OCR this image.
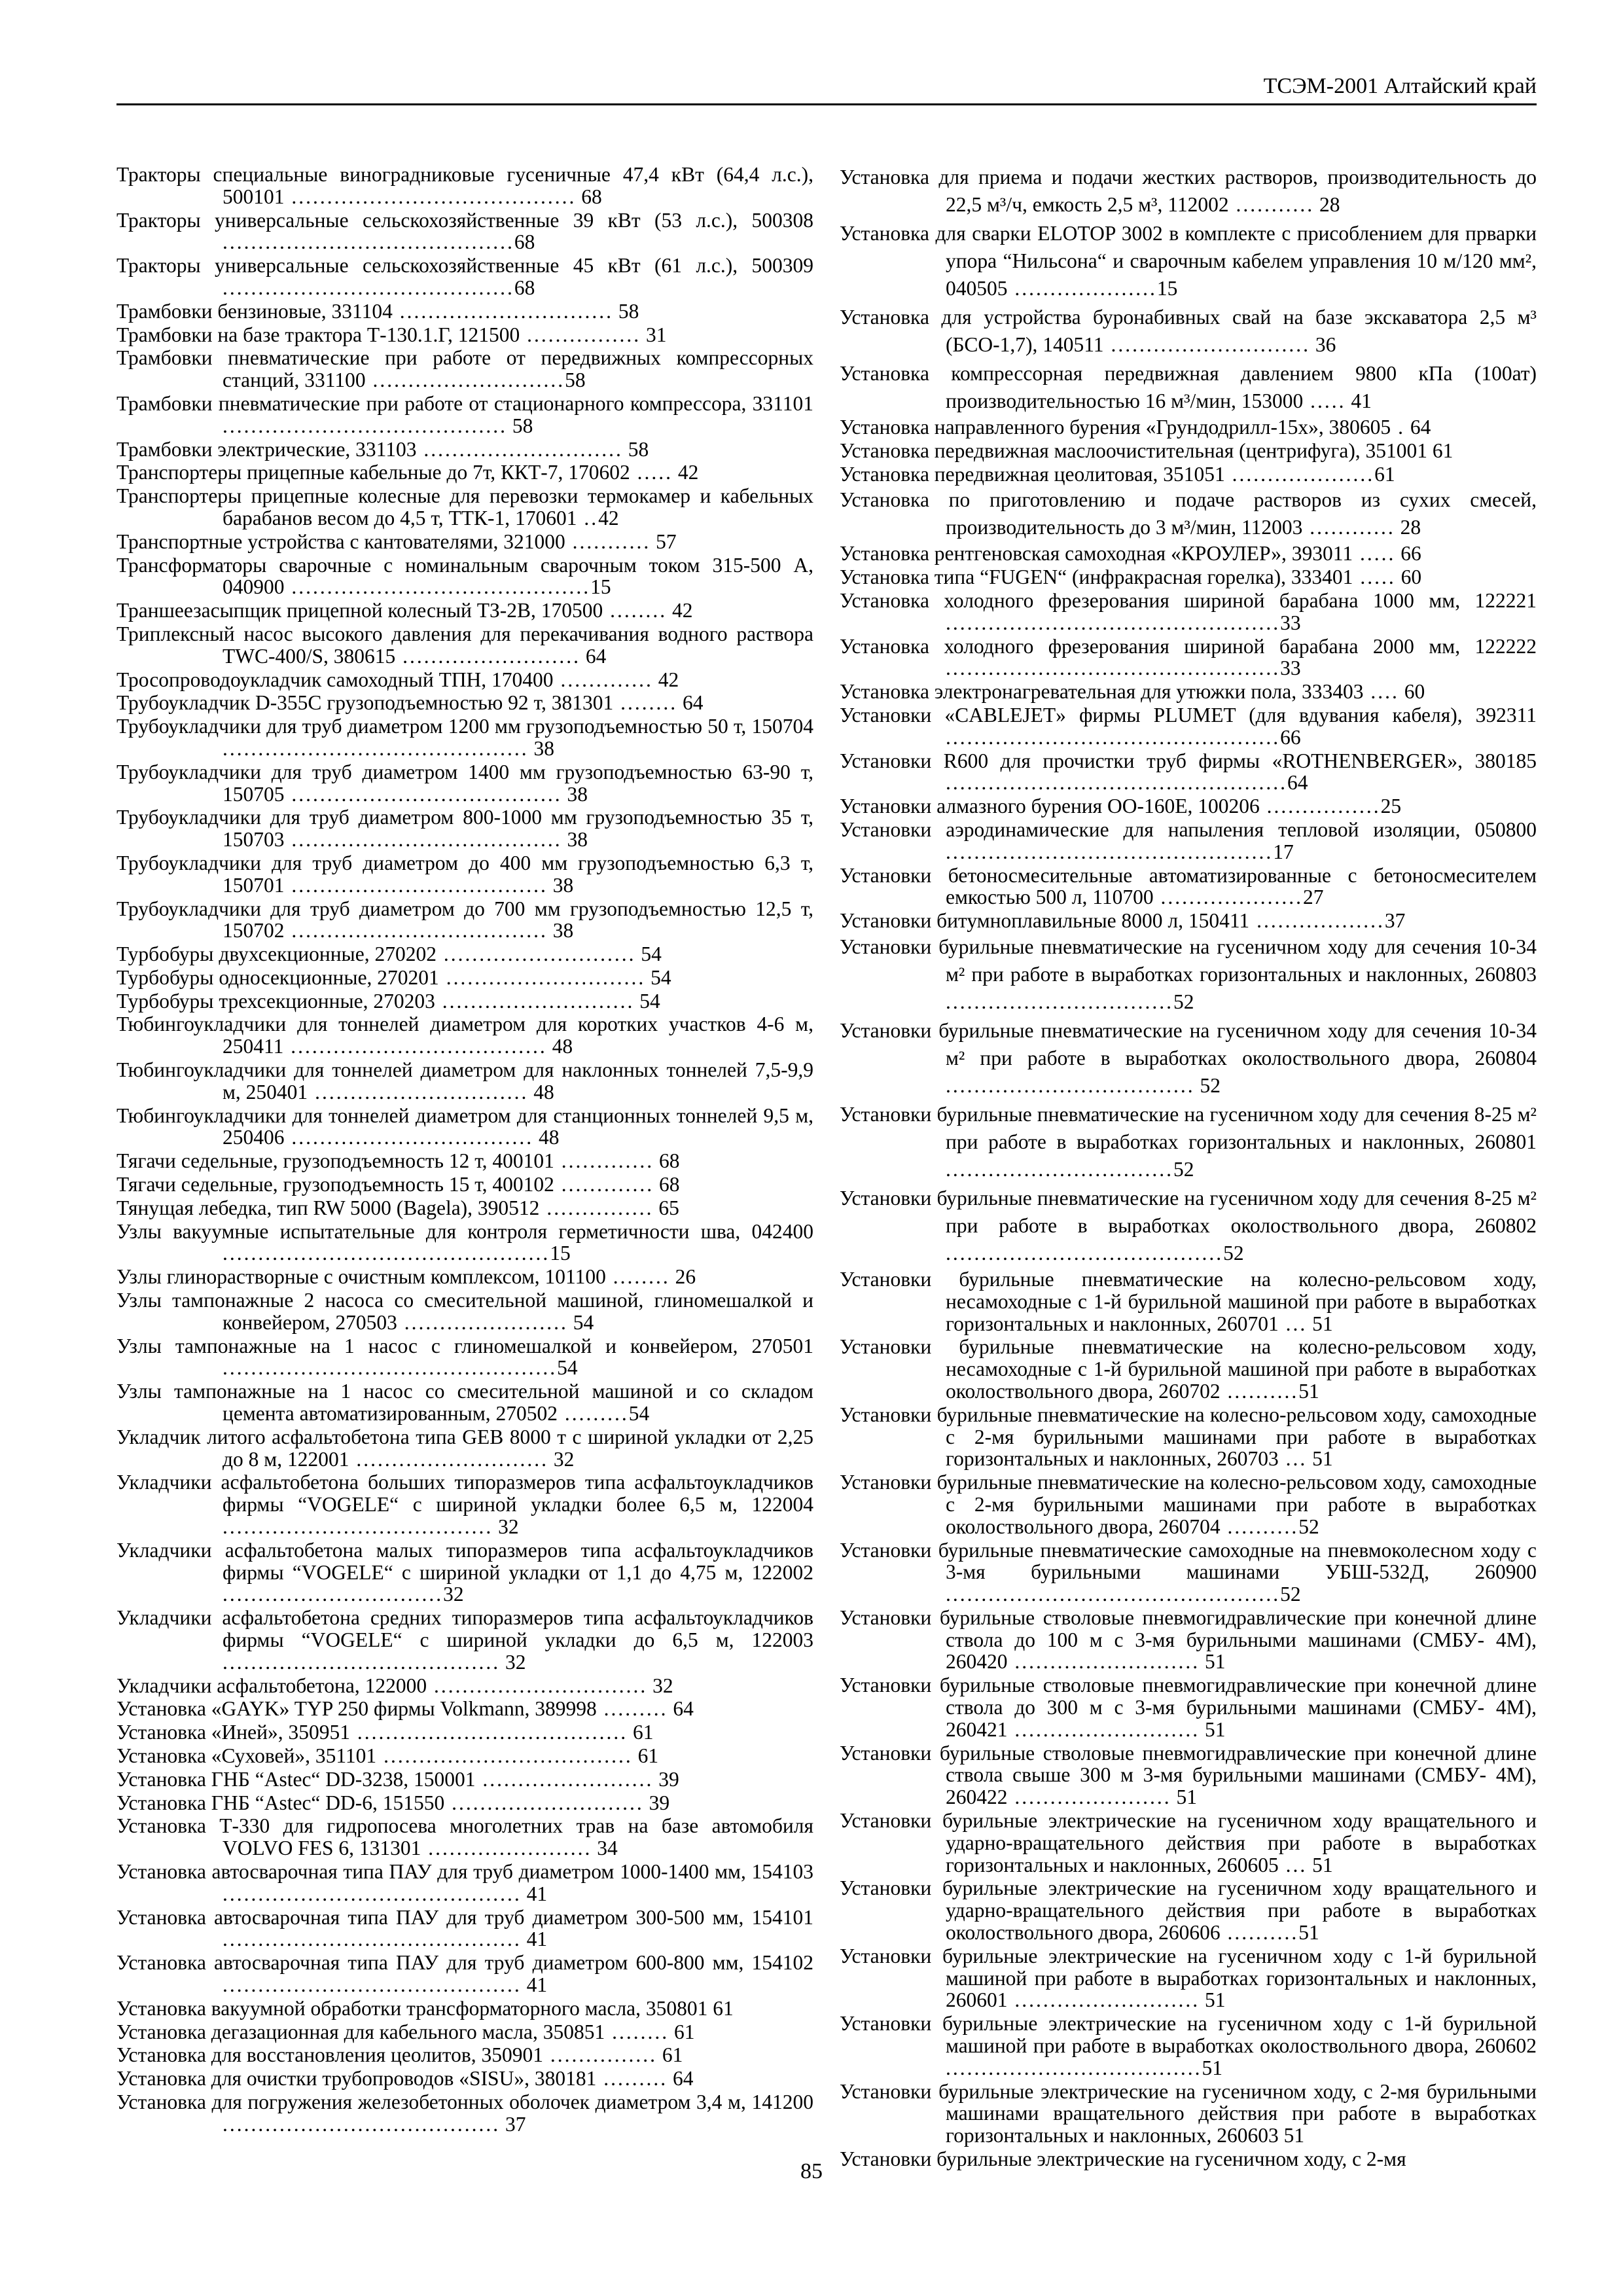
ТСЭМ-2001 Алтайский край

Тракторы специальные виноградниковые гусеничные 47,4 кВт (64,4 л.с.), 500101 ........................................ 68

Тракторы универсальные сельскохозяйственные 39 кВт (53 л.с.), 500308 .........................................68

Тракторы универсальные сельскохозяйственные 45 кВт (61 л.с.), 500309 .........................................68

Трамбовки бензиновые, 331104 .............................. 58

Трамбовки на базе трактора Т-130.1.Г, 121500 ................ 31

Трамбовки пневматические при работе от передвижных компрессорных станций, 331100 ...........................58

Трамбовки пневматические при работе от стационарного компрессора, 331101 ........................................ 58

Трамбовки электрические, 331103 ............................ 58

Транспортеры прицепные кабельные до 7т, ККТ-7, 170602 ..... 42

Транспортеры прицепные колесные для перевозки термокамер и кабельных барабанов весом до 4,5 т, ТТК-1, 170601 ..42

Транспортные устройства с кантователями, 321000 ........... 57

Трансформаторы сварочные с номинальным сварочным током 315-500 А, 040900 ..........................................15

Траншеезасыпщик прицепной колесный ТЗ-2В, 170500 ........ 42

Триплексный насос высокого давления для перекачивания водного раствора TWC-400/S, 380615 ......................... 64

Тросопроводоукладчик самоходный ТПН, 170400 ............. 42

Трубоукладчик D-355C грузоподъемностью 92 т, 381301 ........ 64

Трубоукладчики для труб диаметром 1200 мм грузоподъемностью 50 т, 150704 ........................................... 38

Трубоукладчики для труб диаметром 1400 мм грузоподъемностью 63-90 т, 150705 ...................................... 38

Трубоукладчики для труб диаметром 800-1000 мм грузоподъемностью 35 т, 150703 ...................................... 38

Трубоукладчики для труб диаметром до 400 мм грузоподъемностью 6,3 т, 150701 .................................... 38

Трубоукладчики для труб диаметром до 700 мм грузоподъемностью 12,5 т, 150702 .................................... 38

Турбобуры двухсекционные, 270202 ........................... 54

Турбобуры односекционные, 270201 ............................ 54

Турбобуры трехсекционные, 270203 ........................... 54

Тюбингоукладчики для тоннелей диаметром для коротких участков 4-6 м, 250411 .................................... 48

Тюбингоукладчики для тоннелей диаметром для наклонных тоннелей 7,5-9,9 м, 250401 .............................. 48

Тюбингоукладчики для тоннелей диаметром для станционных тоннелей 9,5 м, 250406 .................................. 48

Тягачи седельные, грузоподъемность 12 т, 400101 ............. 68

Тягачи седельные, грузоподъемность 15 т, 400102 ............. 68

Тянущая лебедка, тип RW 5000 (Bagela), 390512 ............... 65

Узлы вакуумные испытательные для контроля герметичности шва, 042400 ..............................................15

Узлы глинорастворные с очистным комплексом, 101100 ........ 26

Узлы тампонажные 2 насоса со смесительной машиной, глиномешалкой и конвейером, 270503 ....................... 54

Узлы тампонажные на 1 насос с глиномешалкой и конвейером, 270501 ...............................................54

Узлы тампонажные на 1 насос со смесительной машиной и со складом цемента автоматизированным, 270502 .........54

Укладчик литого асфальтобетона типа GEB 8000 т с шириной укладки от 2,25 до 8 м, 122001 ........................... 32

Укладчики асфальтобетона больших типоразмеров типа асфальтоукладчиков фирмы “VOGELE“ с шириной укладки более 6,5 м, 122004 ...................................... 32

Укладчики асфальтобетона малых типоразмеров типа асфальтоукладчиков фирмы “VOGELE“ с шириной укладки от 1,1 до 4,75 м, 122002 ...............................32

Укладчики асфальтобетона средних типоразмеров типа асфальтоукладчиков фирмы “VOGELE“ с шириной укладки до 6,5 м, 122003 ....................................... 32

Укладчики асфальтобетона, 122000 .............................. 32

Установка «GAYK» TYP 250 фирмы Volkmann, 389998 ......... 64

Установка «Иней», 350951 ...................................... 61

Установка «Суховей», 351101 ................................... 61

Установка ГНБ “Astec“ DD-3238, 150001 ........................ 39

Установка ГНБ “Astec“ DD-6, 151550 ........................... 39

Установка Т-330 для гидропосева многолетних трав на базе автомобиля VOLVO FES 6, 131301 ....................... 34

Установка автосварочная типа ПАУ для труб диаметром 1000-1400 мм, 154103 .......................................... 41

Установка автосварочная типа ПАУ для труб диаметром 300-500 мм, 154101 .......................................... 41

Установка автосварочная типа ПАУ для труб диаметром 600-800 мм, 154102 .......................................... 41

Установка вакуумной обработки трансформаторного масла, 350801 61

Установка дегазационная для кабельного масла, 350851 ........ 61

Установка для восстановления цеолитов, 350901 ............... 61

Установка для очистки трубопроводов «SISU», 380181 ......... 64

Установка для погружения железобетонных оболочек диаметром 3,4 м, 141200 ....................................... 37

Установка для приема и подачи жестких растворов, производительность до 22,5 м³/ч, емкость 2,5 м³, 112002 ........... 28

Установка для сварки ELOTOP 3002 в комплекте с присоблением для прварки упора “Нильсона“ и сварочным кабелем управления 10 м/120 мм², 040505 ....................15

Установка для устройства буронабивных свай на базе экскаватора 2,5 м³ (БСО-1,7), 140511 ............................ 36

Установка компрессорная передвижная давлением 9800 кПа (100ат) производительностью 16 м³/мин, 153000 ..... 41

Установка направленного бурения «Грундодрилл-15х», 380605 . 64

Установка передвижная маслоочистительная (центрифуга), 351001 61

Установка передвижная цеолитовая, 351051 ....................61

Установка по приготовлению и подаче растворов из сухих смесей, производительность до 3 м³/мин, 112003 ............ 28

Установка рентгеновская самоходная «КРОУЛЕР», 393011 ..... 66

Установка типа “FUGEN“ (инфракрасная горелка), 333401 ..... 60

Установка холодного фрезерования шириной барабана 1000 мм, 122221 ...............................................33

Установка холодного фрезерования шириной барабана 2000 мм, 122222 ...............................................33

Установка электронагревательная для утюжки пола, 333403 .... 60

Установки «CABLEJET» фирмы PLUMET (для вдувания кабеля), 392311 ...............................................66

Установки R600 для прочистки труб фирмы «ROTHENBERGER», 380185 ................................................64

Установки алмазного бурения ОО-160Е, 100206 ................25

Установки аэродинамические для напыления тепловой изоляции, 050800 ..............................................17

Установки бетоносмесительные автоматизированные с бетоносмесителем емкостью 500 л, 110700 ....................27

Установки битумноплавильные 8000 л, 150411 ..................37

Установки бурильные пневматические на гусеничном ходу для сечения 10-34 м² при работе в выработках горизонтальных и наклонных, 260803 ................................52

Установки бурильные пневматические на гусеничном ходу для сечения 10-34 м² при работе в выработках околоствольного двора, 260804 ................................... 52

Установки бурильные пневматические на гусеничном ходу для сечения 8-25 м² при работе в выработках горизонтальных и наклонных, 260801 ................................52

Установки бурильные пневматические на гусеничном ходу для сечения 8-25 м² при работе в выработках околоствольного двора, 260802 .......................................52

Установки бурильные пневматические на колесно-рельсовом ходу, несамоходные с 1-й бурильной машиной при работе в выработках горизонтальных и наклонных, 260701 ... 51

Установки бурильные пневматические на колесно-рельсовом ходу, несамоходные с 1-й бурильной машиной при работе в выработках околоствольного двора, 260702 ..........51

Установки бурильные пневматические на колесно-рельсовом ходу, самоходные с 2-мя бурильными машинами при работе в выработках горизонтальных и наклонных, 260703 ... 51

Установки бурильные пневматические на колесно-рельсовом ходу, самоходные с 2-мя бурильными машинами при работе в выработках околоствольного двора, 260704 ..........52

Установки бурильные пневматические самоходные на пневмоколесном ходу с 3-мя бурильными машинами УБШ-532Д, 260900 ...............................................52

Установки бурильные стволовые пневмогидравлические при конечной длине ствола до 100 м с 3-мя бурильными машинами (СМБУ- 4М), 260420 .......................... 51

Установки бурильные стволовые пневмогидравлические при конечной длине ствола до 300 м с 3-мя бурильными машинами (СМБУ- 4М), 260421 .......................... 51

Установки бурильные стволовые пневмогидравлические при конечной длине ствола свыше 300 м 3-мя бурильными машинами (СМБУ- 4М), 260422 ...................... 51

Установки бурильные электрические на гусеничном ходу вращательного и ударно-вращательного действия при работе в выработках горизонтальных и наклонных, 260605 ... 51

Установки бурильные электрические на гусеничном ходу вращательного и ударно-вращательного действия при работе в выработках околоствольного двора, 260606 ..........51

Установки бурильные электрические на гусеничном ходу с 1-й бурильной машиной при работе в выработках горизонтальных и наклонных, 260601 .......................... 51

Установки бурильные электрические на гусеничном ходу с 1-й бурильной машиной при работе в выработках околоствольного двора, 260602 ....................................51

Установки бурильные электрические на гусеничном ходу, с 2-мя бурильными машинами вращательного действия при работе в выработках горизонтальных и наклонных, 260603 51

Установки бурильные электрические на гусеничном ходу, с 2-мя

85
